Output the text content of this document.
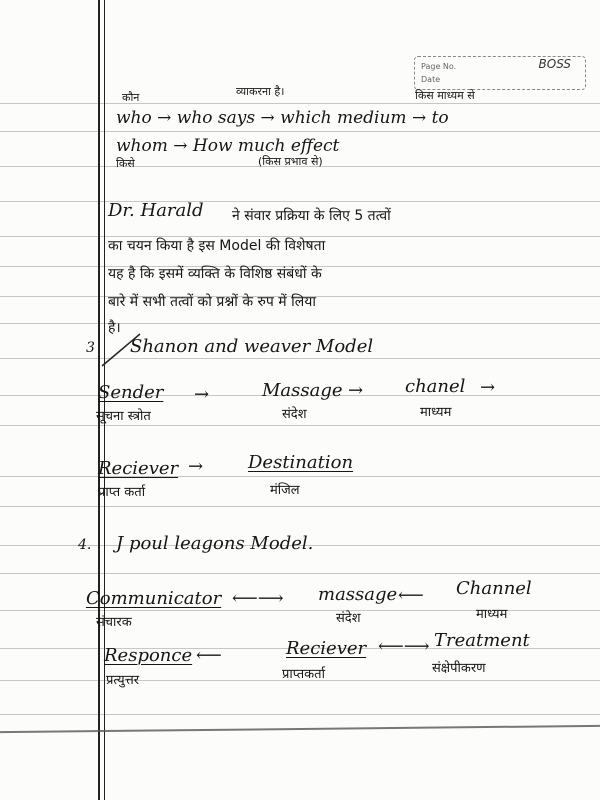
Page No.
Date
BOSS
कौन	व्याकरना है।	किस माध्यम से
who → who says → which medium → to
whom → How much effect
किसे	(किस प्रभाव से)
Dr. Harald ने संवार प्रक्रिया के लिए 5 तत्वों
का चयन किया है इस Model की विशेषता
यह है कि इसमें व्यक्ति के विशिष्ठ संबंधों के
बारे में सभी तत्वों को प्रश्नों के रुप में लिया
है।
3 Shanon and weaver Model
Sender →	Massage → chanel →
सूचना स्त्रोत	संदेश	माध्यम
Reciever → Destination
प्राप्त कर्ता	मंजिल
4. J poul leagons Model.
Communicator ⟵⟶ massage ⟵ Channel
संचारक	संदेश	माध्यम
Responce ⟵	Reciever ⟵⟶ Treatment
प्रत्युत्तर	प्राप्तकर्ता	संक्षेपीकरण
